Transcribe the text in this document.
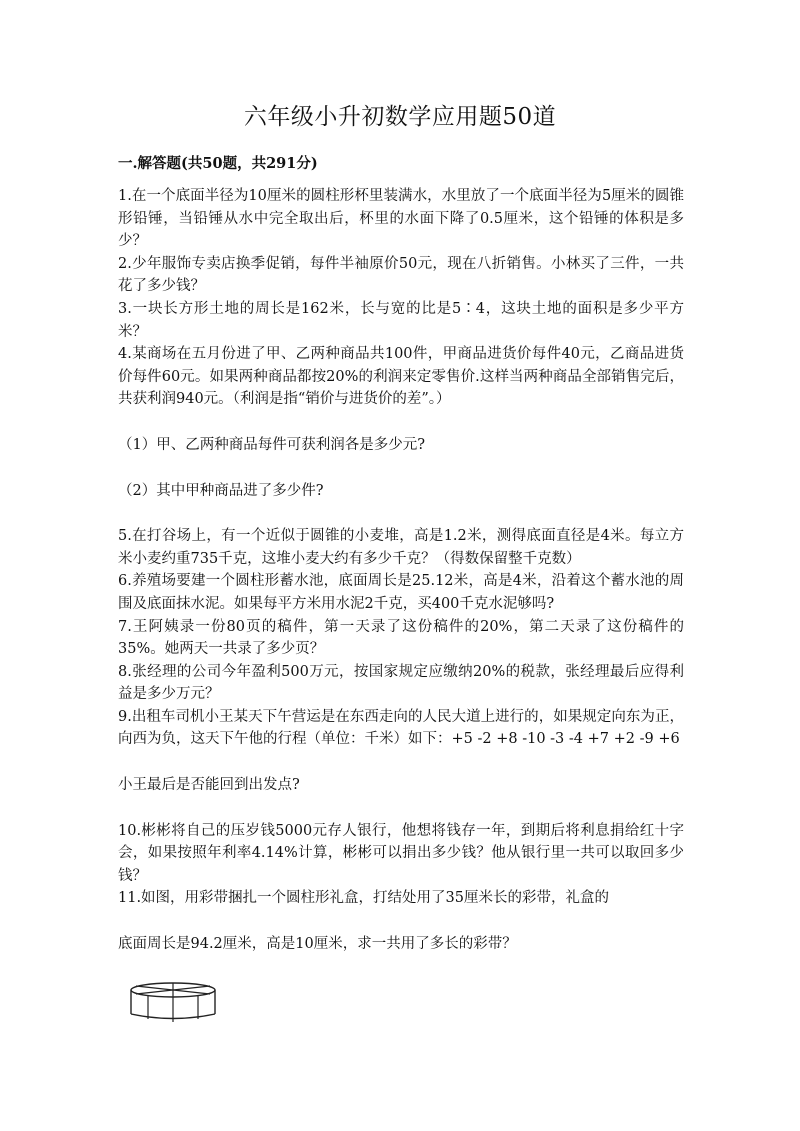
六年级小升初数学应用题50道
一.解答题(共50题，共291分)

1.在一个底面半径为10厘米的圆柱形杯里装满水，水里放了一个底面半径为5厘米的圆锥形铅锤，当铅锤从水中完全取出后，杯里的水面下降了0.5厘米，这个铅锤的体积是多少？

2.少年服饰专卖店换季促销，每件半袖原价50元，现在八折销售。小林买了三件，一共花了多少钱？

3.一块长方形土地的周长是162米，长与宽的比是5∶4，这块土地的面积是多少平方米？

4.某商场在五月份进了甲、乙两种商品共100件，甲商品进货价每件40元，乙商品进货价每件60元。如果两种商品都按20%的利润来定零售价.这样当两种商品全部销售完后，共获利润940元。（利润是指“销价与进货价的差”。）

（1）甲、乙两种商品每件可获利润各是多少元?

（2）其中甲种商品进了多少件?

5.在打谷场上，有一个近似于圆锥的小麦堆，高是1.2米，测得底面直径是4米。每立方米小麦约重735千克，这堆小麦大约有多少千克？（得数保留整千克数）

6.养殖场要建一个圆柱形蓄水池，底面周长是25.12米，高是4米，沿着这个蓄水池的周围及底面抹水泥。如果每平方米用水泥2千克，买400千克水泥够吗?

7.王阿姨录一份80页的稿件，第一天录了这份稿件的20%，第二天录了这份稿件的35%。她两天一共录了多少页？

8.张经理的公司今年盈利500万元，按国家规定应缴纳20%的税款，张经理最后应得利益是多少万元？

9.出租车司机小王某天下午营运是在东西走向的人民大道上进行的，如果规定向东为正，向西为负，这天下午他的行程（单位：千米）如下：+5 -2 +8 -10 -3 -4 +7 +2 -9 +6

小王最后是否能回到出发点?

10.彬彬将自己的压岁钱5000元存人银行，他想将钱存一年，到期后将利息捐给红十字会，如果按照年利率4.14%计算，彬彬可以捐出多少钱？他从银行里一共可以取回多少钱？

11.如图，用彩带捆扎一个圆柱形礼盒，打结处用了35厘米长的彩带，礼盒的

底面周长是94.2厘米，高是10厘米，求一共用了多长的彩带？
